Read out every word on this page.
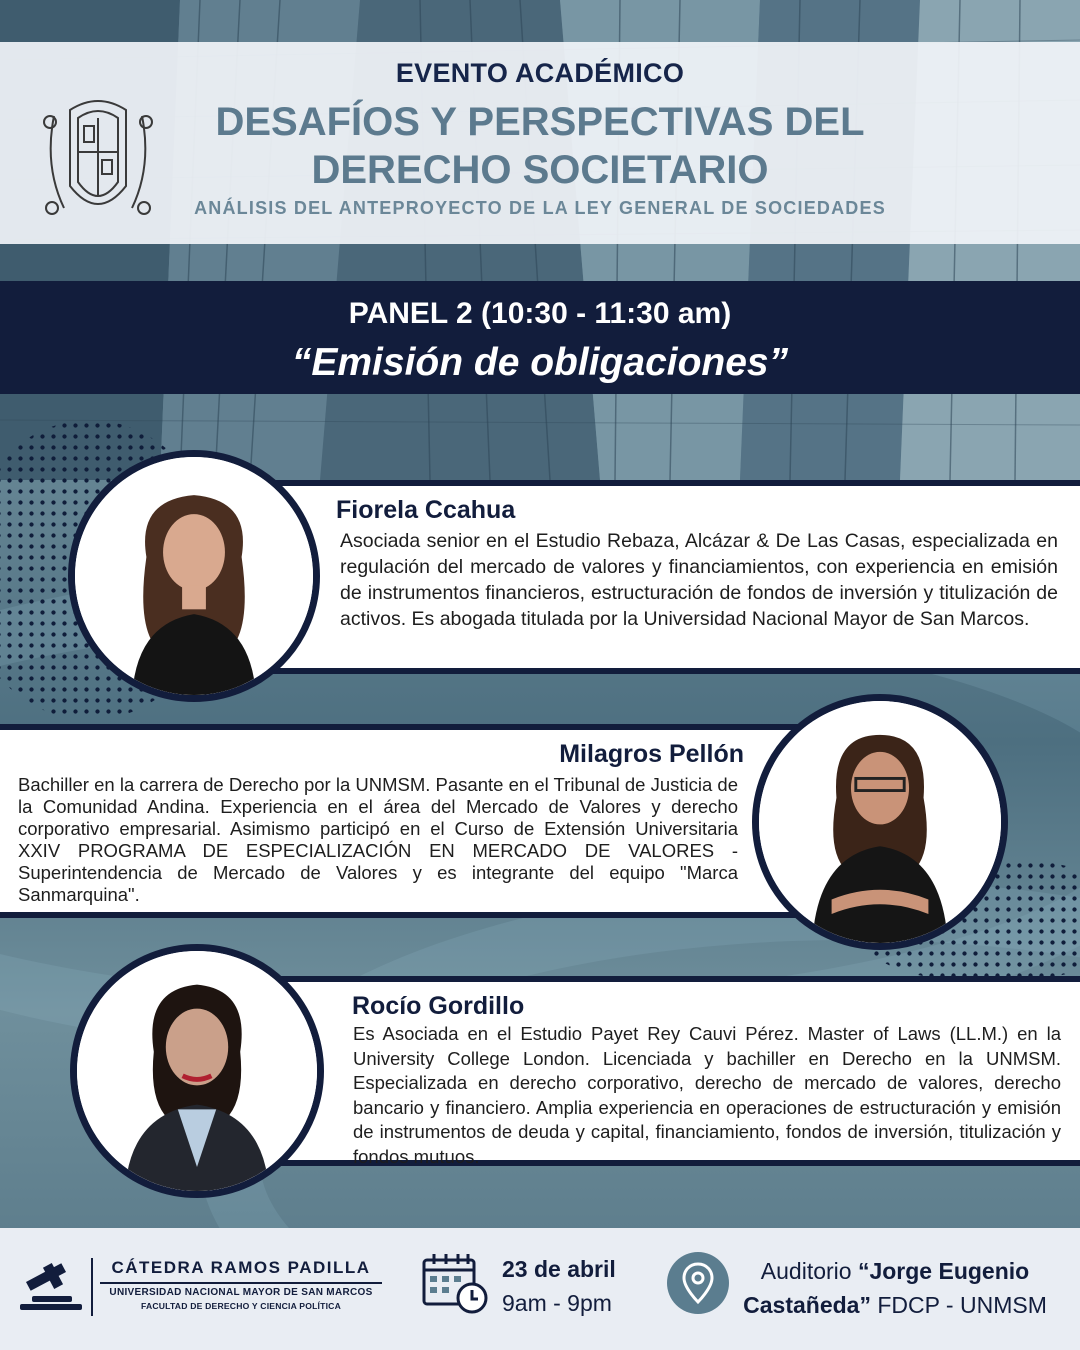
EVENTO ACADÉMICO
DESAFÍOS Y PERSPECTIVAS DEL
DERECHO SOCIETARIO
ANÁLISIS DEL ANTEPROYECTO DE LA LEY GENERAL DE SOCIEDADES
PANEL 2 (10:30 - 11:30 am)
“Emisión de obligaciones”
Fiorela Ccahua
Asociada senior en el Estudio Rebaza, Alcázar & De Las Casas, especializada en regulación del mercado de valores y financiamientos, con experiencia en emisión de instrumentos financieros, estructuración de fondos de inversión y titulización de activos. Es abogada titulada por la Universidad Nacional Mayor de San Marcos.
Milagros Pellón
Bachiller en la carrera de Derecho por la UNMSM. Pasante en el Tribunal de Justicia de la Comunidad Andina. Experiencia en el área del Mercado de Valores y derecho corporativo empresarial. Asimismo participó en el Curso de Extensión Universitaria XXIV PROGRAMA DE ESPECIALIZACIÓN EN MERCADO DE VALORES - Superintendencia de Mercado de Valores y es integrante del equipo "Marca Sanmarquina".
Rocío Gordillo
Es Asociada en el Estudio Payet Rey Cauvi Pérez. Master of Laws (LL.M.) en la University College London. Licenciada y bachiller en Derecho en la UNMSM. Especializada en derecho corporativo, derecho de mercado de valores, derecho bancario y financiero. Amplia experiencia en operaciones de estructuración y emisión de instrumentos de deuda y capital, financiamiento, fondos de inversión, titulización y fondos mutuos.
CÁTEDRA RAMOS PADILLA
UNIVERSIDAD NACIONAL MAYOR DE SAN MARCOS
FACULTAD DE DERECHO Y CIENCIA POLÍTICA
23 de abril
9am - 9pm
Auditorio “Jorge Eugenio Castañeda” FDCP - UNMSM
